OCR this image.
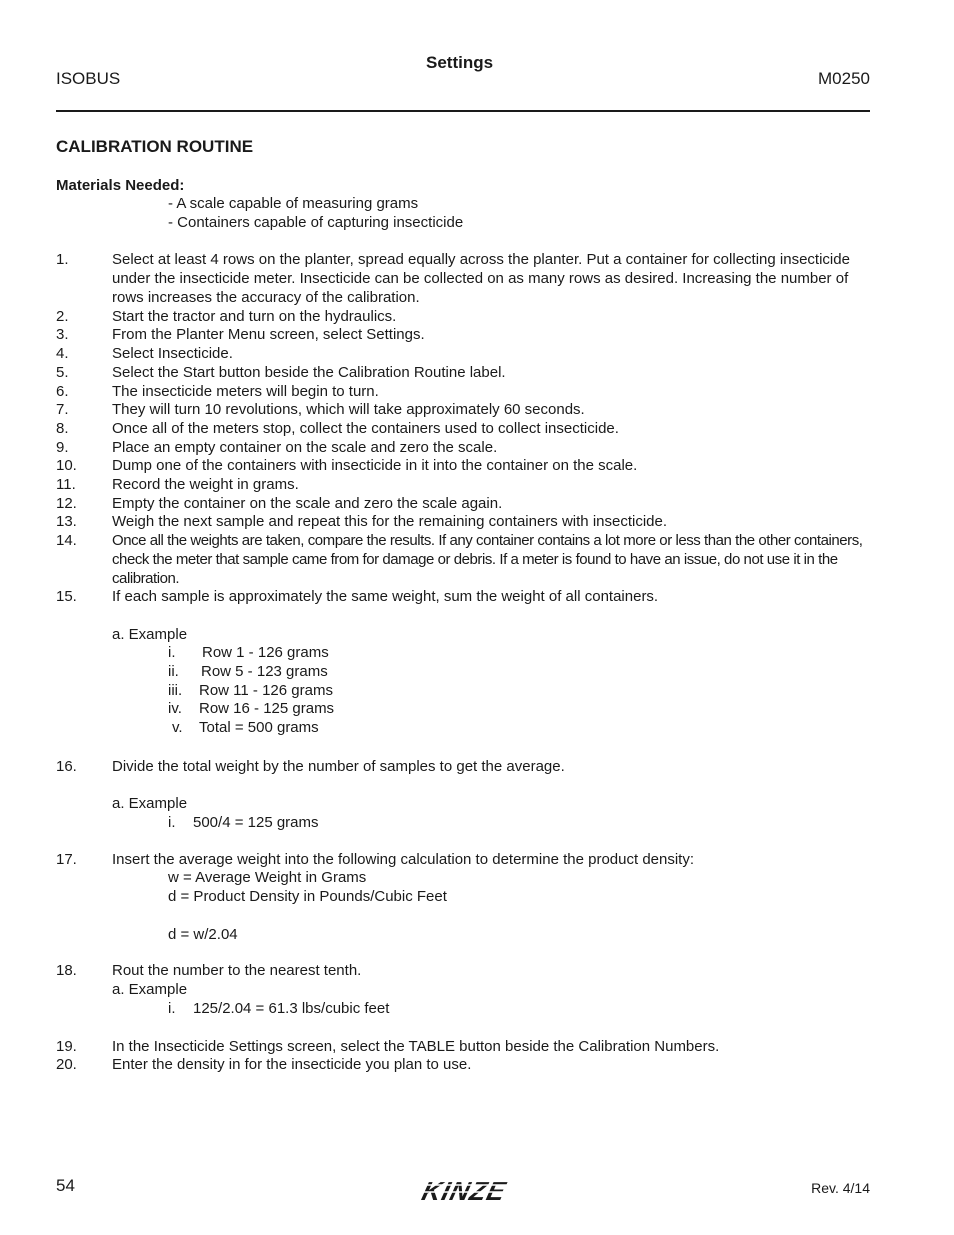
Settings
ISOBUS	M0250
CALIBRATION ROUTINE
Materials Needed:
- A scale capable of measuring grams
- Containers capable of capturing insecticide
1.	Select at least 4 rows on the planter, spread equally across the planter. Put a container for collecting insecticide under the insecticide meter. Insecticide can be collected on as many rows as desired. Increasing the number of rows increases the accuracy of the calibration.
2.	Start the tractor and turn on the hydraulics.
3.	From the Planter Menu screen, select Settings.
4.	Select Insecticide.
5.	Select the Start button beside the Calibration Routine label.
6.	The insecticide meters will begin to turn.
7.	They will turn 10 revolutions, which will take approximately 60 seconds.
8.	Once all of the meters stop, collect the containers used to collect insecticide.
9.	Place an empty container on the scale and zero the scale.
10. Dump one of the containers with insecticide in it into the container on the scale.
11. Record the weight in grams.
12. Empty the container on the scale and zero the scale again.
13. Weigh the next sample and repeat this for the remaining containers with insecticide.
14. Once all the weights are taken, compare the results. If any container contains a lot more or less than the other containers, check the meter that sample came from for damage or debris. If a meter is found to have an issue, do not use it in the calibration.
15. If each sample is approximately the same weight, sum the weight of all containers.
a. Example
i. Row 1 - 126 grams
ii. Row 5 - 123 grams
iii. Row 11 - 126 grams
iv. Row 16 - 125 grams
v. Total = 500 grams
16. Divide the total weight by the number of samples to get the average.
a. Example
i. 500/4 = 125 grams
17. Insert the average weight into the following calculation to determine the product density:
w = Average Weight in Grams
d = Product Density in Pounds/Cubic Feet
d = w/2.04
18. Rout the number to the nearest tenth.
a. Example
i. 125/2.04 = 61.3 lbs/cubic feet
19. In the Insecticide Settings screen, select the TABLE button beside the Calibration Numbers.
20. Enter the density in for the insecticide you plan to use.
54	KINZE	Rev. 4/14
